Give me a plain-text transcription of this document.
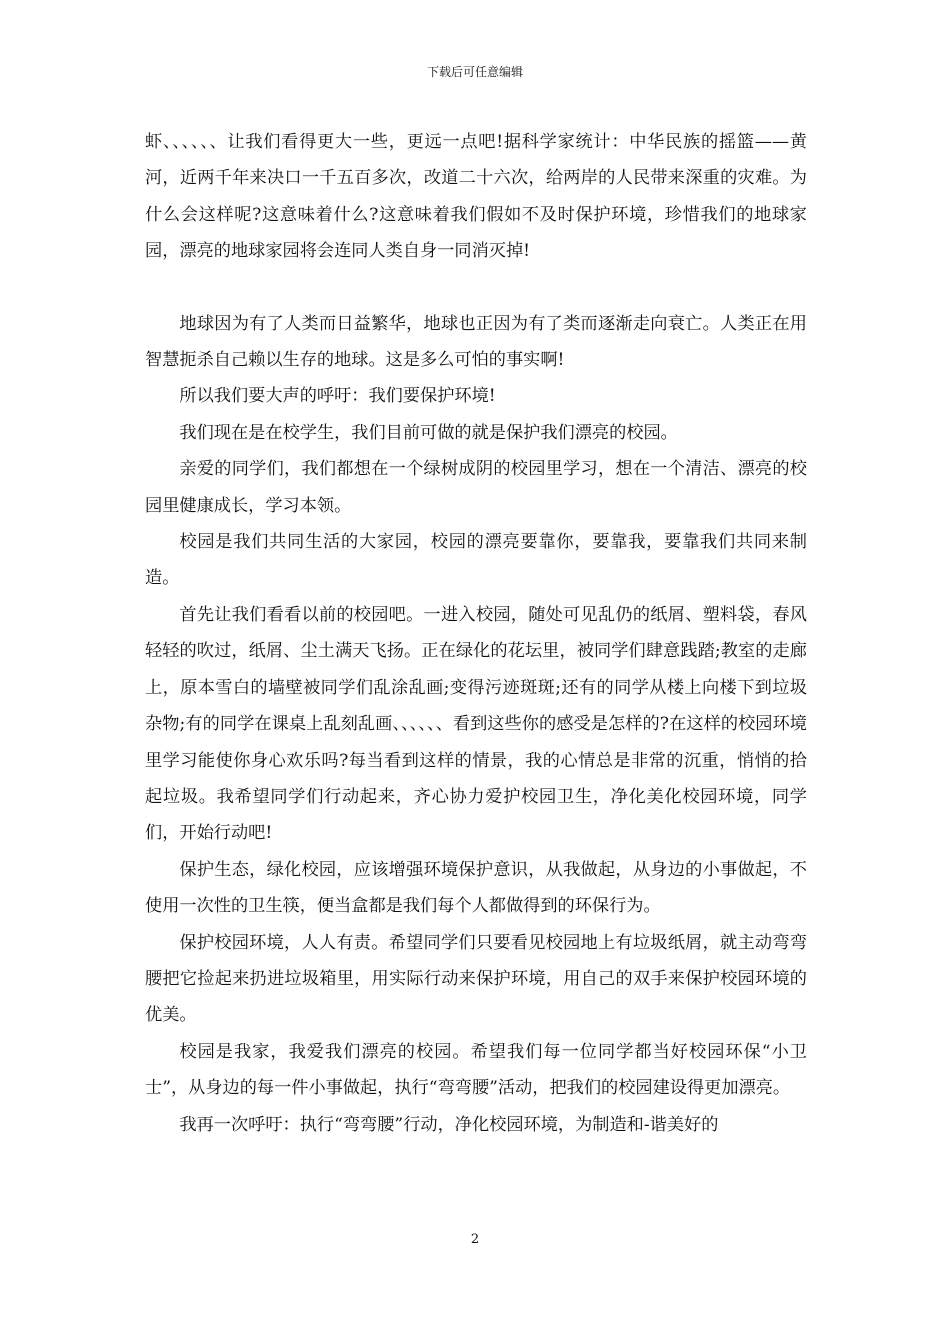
下载后可任意编辑

虾、、、、、、让我们看得更大一些，更远一点吧!据科学家统计：中华民族的摇篮——黄河，近两千年来决口一千五百多次，改道二十六次，给两岸的人民带来深重的灾难。为什么会这样呢?这意味着什么?这意味着我们假如不及时保护环境，珍惜我们的地球家园，漂亮的地球家园将会连同人类自身一同消灭掉!

地球因为有了人类而日益繁华，地球也正因为有了类而逐渐走向衰亡。人类正在用智慧扼杀自己赖以生存的地球。这是多么可怕的事实啊!

所以我们要大声的呼吁：我们要保护环境!

我们现在是在校学生，我们目前可做的就是保护我们漂亮的校园。

亲爱的同学们，我们都想在一个绿树成阴的校园里学习，想在一个清洁、漂亮的校园里健康成长，学习本领。

校园是我们共同生活的大家园，校园的漂亮要靠你，要靠我，要靠我们共同来制造。

首先让我们看看以前的校园吧。一进入校园，随处可见乱仍的纸屑、塑料袋，春风轻轻的吹过，纸屑、尘土满天飞扬。正在绿化的花坛里，被同学们肆意践踏;教室的走廊上，原本雪白的墙壁被同学们乱涂乱画;变得污迹斑斑;还有的同学从楼上向楼下到垃圾杂物;有的同学在课桌上乱刻乱画、、、、、、看到这些你的感受是怎样的?在这样的校园环境里学习能使你身心欢乐吗?每当看到这样的情景，我的心情总是非常的沉重，悄悄的拾起垃圾。我希望同学们行动起来，齐心协力爱护校园卫生，净化美化校园环境，同学们，开始行动吧!

保护生态，绿化校园，应该增强环境保护意识，从我做起，从身边的小事做起，不使用一次性的卫生筷，便当盒都是我们每个人都做得到的环保行为。

保护校园环境，人人有责。希望同学们只要看见校园地上有垃圾纸屑，就主动弯弯腰把它捡起来扔进垃圾箱里，用实际行动来保护环境，用自己的双手来保护校园环境的优美。

校园是我家，我爱我们漂亮的校园。希望我们每一位同学都当好校园环保“小卫士”，从身边的每一件小事做起，执行“弯弯腰”活动，把我们的校园建设得更加漂亮。

我再一次呼吁：执行“弯弯腰”行动，净化校园环境，为制造和-谐美好的

2
